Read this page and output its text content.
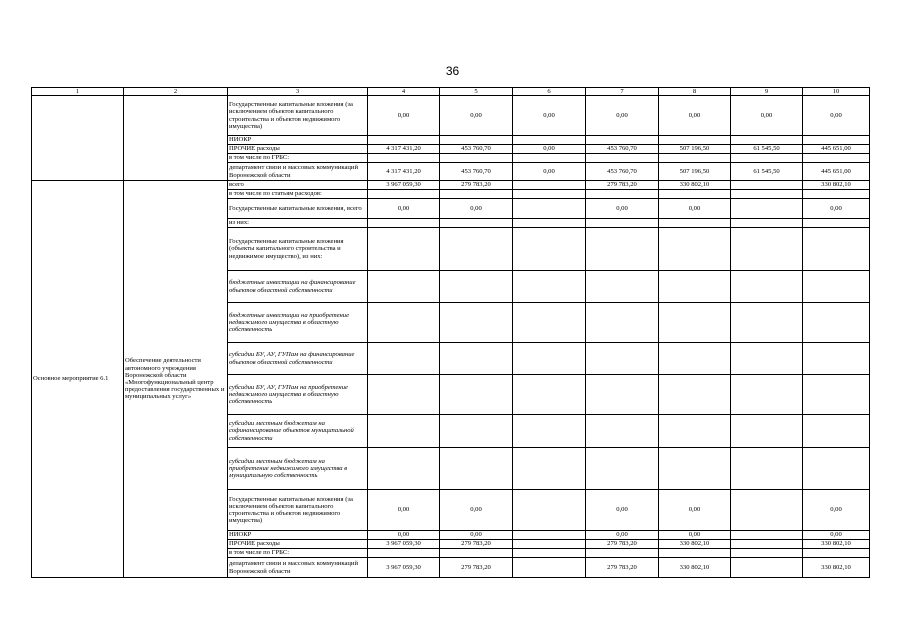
36
1	2	3	4	5	6	7	8	9	10
		Государственные капитальные вложения (за исключением объектов капитального строительства и объектов недвижимого имущества)	0,00	0,00	0,00	0,00	0,00	0,00	0,00
		НИОКР							
		ПРОЧИЕ расходы	4 317 431,20	453 760,70	0,00	453 760,70	507 196,50	61 545,50	445 651,00
		в том числе по ГРБС:							
		департамент связи и массовых коммуникаций Воронежской области	4 317 431,20	453 760,70	0,00	453 760,70	507 196,50	61 545,50	445 651,00
Основное мероприятие 6.1	Обеспечение деятельности автономного учреждения Воронежской области «Многофункциональный центр предоставления государственных и муниципальных услуг»	всего	3 967 059,30	279 783,20		279 783,20	330 802,10		330 802,10
		в том числе по статьям расходов:							
		Государственные капитальные вложения, всего	0,00	0,00		0,00	0,00		0,00
		из них:							
		Государственные капитальные вложения (объекты капитального строительства и недвижимое имущество), из них:							
		бюджетные инвестиции на финансирование объектов областной собственности							
		бюджетные инвестиции на приобретение недвижимого имущества в областную собственность							
		субсидии БУ, АУ, ГУПам на финансирование объектов областной собственности							
		субсидии БУ, АУ, ГУПам на приобретение недвижимого имущества в областную собственность							
		субсидии местным бюджетам на софинансирование объектов муниципальной собственности							
		субсидии местным бюджетам на приобретение недвижимого имущества в муниципальную собственность							
		Государственные капитальные вложения (за исключением объектов капитального строительства и объектов недвижимого имущества)	0,00	0,00		0,00	0,00		0,00
		НИОКР	0,00	0,00		0,00	0,00		0,00
		ПРОЧИЕ расходы	3 967 059,30	279 783,20		279 783,20	330 802,10		330 802,10
		в том числе по ГРБС:							
		департамент связи и массовых коммуникаций Воронежской области	3 967 059,30	279 783,20		279 783,20	330 802,10		330 802,10
